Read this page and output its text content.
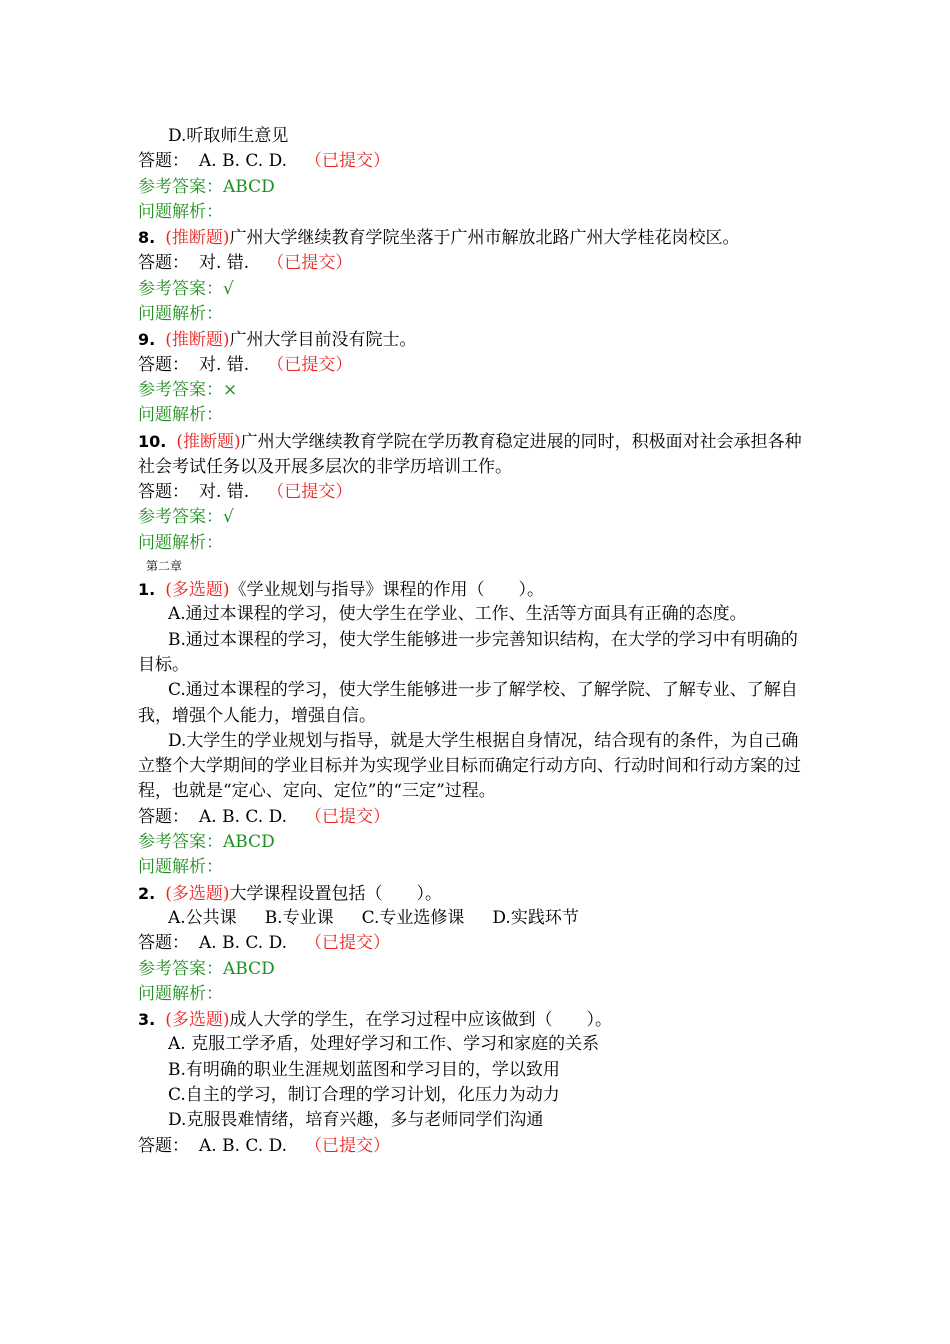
D.听取师生意见
答题： A. B. C. D. （已提交）
参考答案：ABCD
问题解析：
8. (推断题)广州大学继续教育学院坐落于广州市解放北路广州大学桂花岗校区。
答题： 对. 错. （已提交）
参考答案：√
问题解析：
9. (推断题)广州大学目前没有院士。
答题： 对. 错. （已提交）
参考答案：×
问题解析：
10. (推断题)广州大学继续教育学院在学历教育稳定进展的同时，积极面对社会承担各种社会考试任务以及开展多层次的非学历培训工作。
答题： 对. 错. （已提交）
参考答案：√
问题解析：
第二章
1. (多选题)《学业规划与指导》课程的作用（　　）。
A.通过本课程的学习，使大学生在学业、工作、生活等方面具有正确的态度。
B.通过本课程的学习，使大学生能够进一步完善知识结构，在大学的学习中有明确的目标。
C.通过本课程的学习，使大学生能够进一步了解学校、了解学院、了解专业、了解自我，增强个人能力，增强自信。
D.大学生的学业规划与指导，就是大学生根据自身情况，结合现有的条件，为自己确立整个大学期间的学业目标并为实现学业目标而确定行动方向、行动时间和行动方案的过程，也就是“定心、定向、定位”的“三定”过程。
答题： A. B. C. D. （已提交）
参考答案：ABCD
问题解析：
2. (多选题)大学课程设置包括（　　）。
A.公共课 B.专业课 C.专业选修课 D.实践环节
答题： A. B. C. D. （已提交）
参考答案：ABCD
问题解析：
3. (多选题)成人大学的学生，在学习过程中应该做到（　　）。
A. 克服工学矛盾，处理好学习和工作、学习和家庭的关系
B.有明确的职业生涯规划蓝图和学习目的，学以致用
C.自主的学习，制订合理的学习计划，化压力为动力
D.克服畏难情绪，培育兴趣，多与老师同学们沟通
答题： A. B. C. D. （已提交）
